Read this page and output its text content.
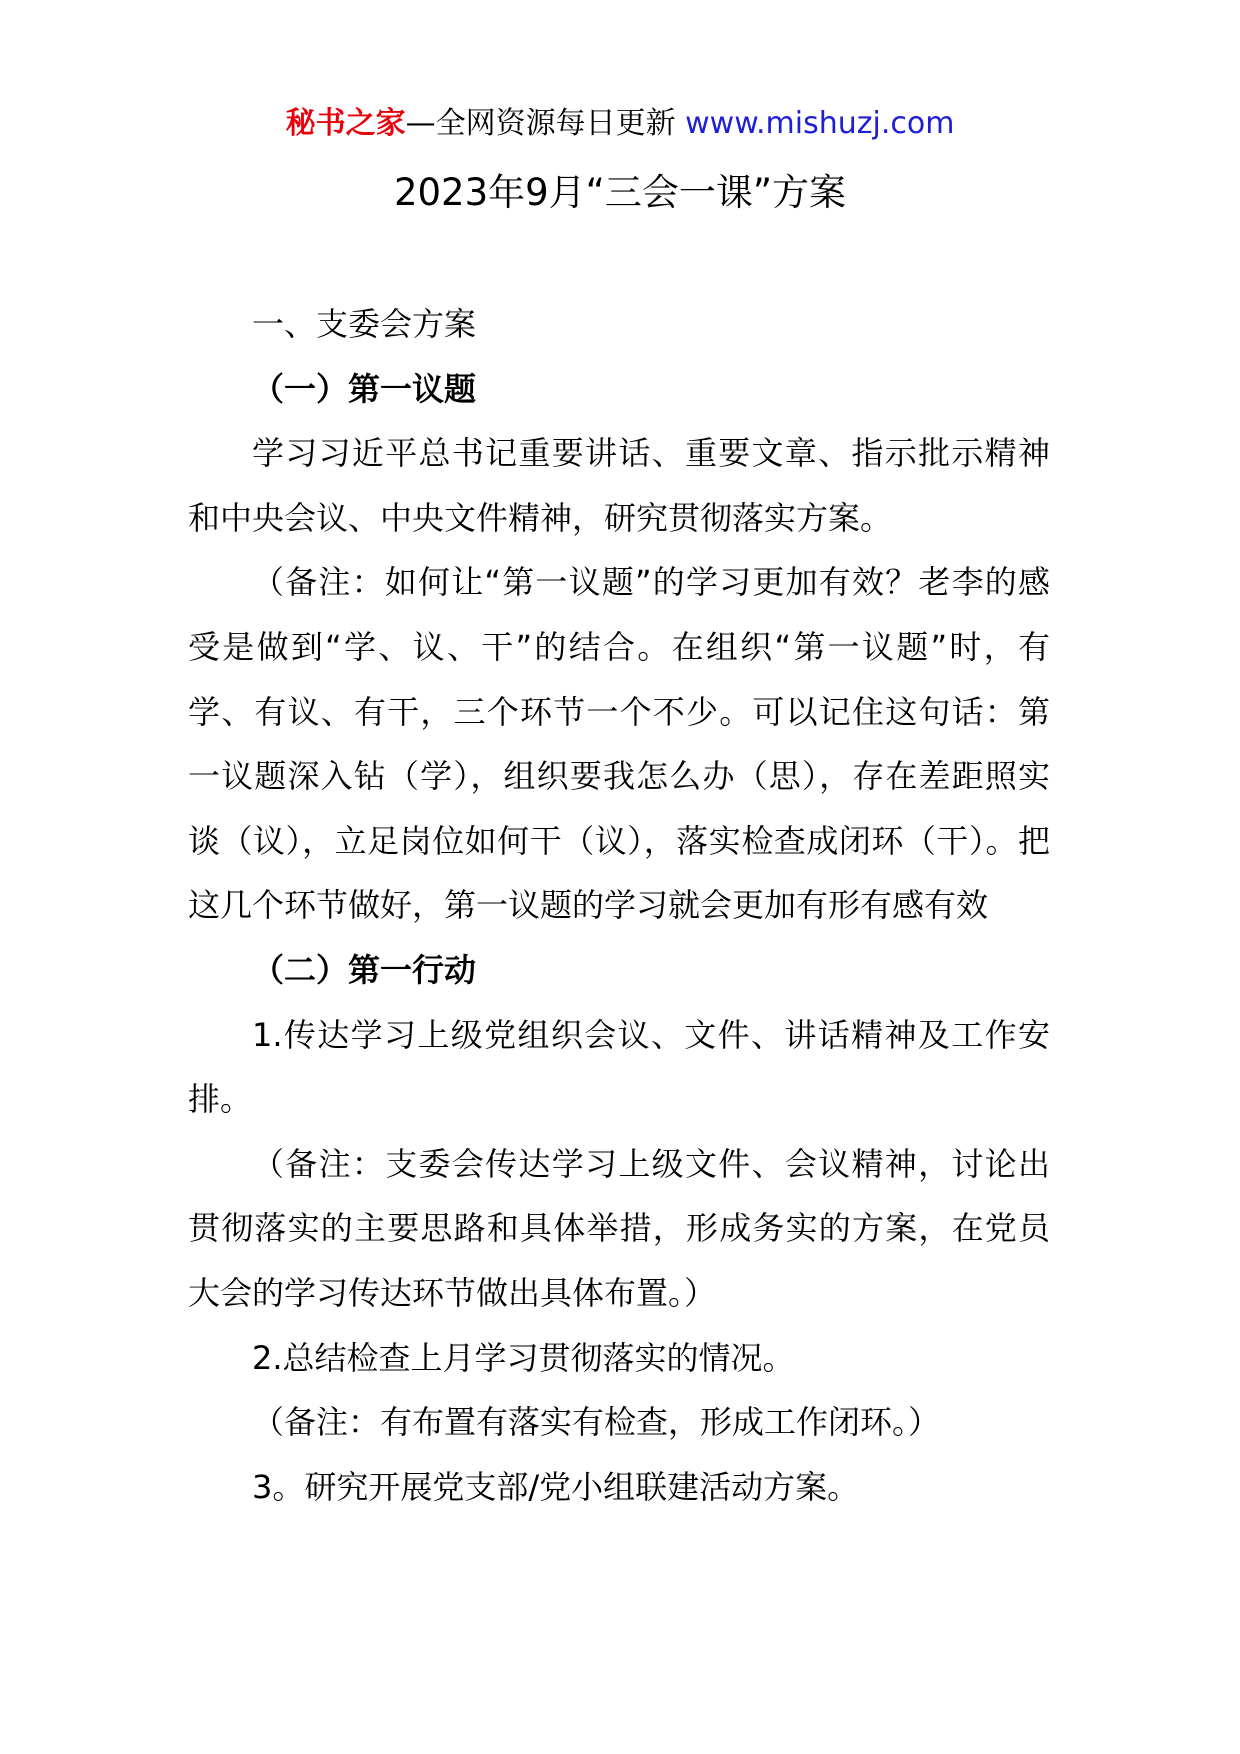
秘书之家—全网资源每日更新 www.mishuzj.com
2023年9月“三会一课”方案

一、支委会方案

（一）第一议题

学习习近平总书记重要讲话、重要文章、指示批示精神和中央会议、中央文件精神，研究贯彻落实方案。

（备注：如何让“第一议题”的学习更加有效？老李的感受是做到“学、议、干”的结合。在组织“第一议题”时，有学、有议、有干，三个环节一个不少。可以记住这句话：第一议题深入钻（学），组织要我怎么办（思），存在差距照实谈（议），立足岗位如何干（议），落实检查成闭环（干）。把这几个环节做好，第一议题的学习就会更加有形有感有效

（二）第一行动

1.传达学习上级党组织会议、文件、讲话精神及工作安排。

（备注：支委会传达学习上级文件、会议精神，讨论出贯彻落实的主要思路和具体举措，形成务实的方案，在党员大会的学习传达环节做出具体布置。）

2.总结检查上月学习贯彻落实的情况。

（备注：有布置有落实有检查，形成工作闭环。）

3。研究开展党支部/党小组联建活动方案。
